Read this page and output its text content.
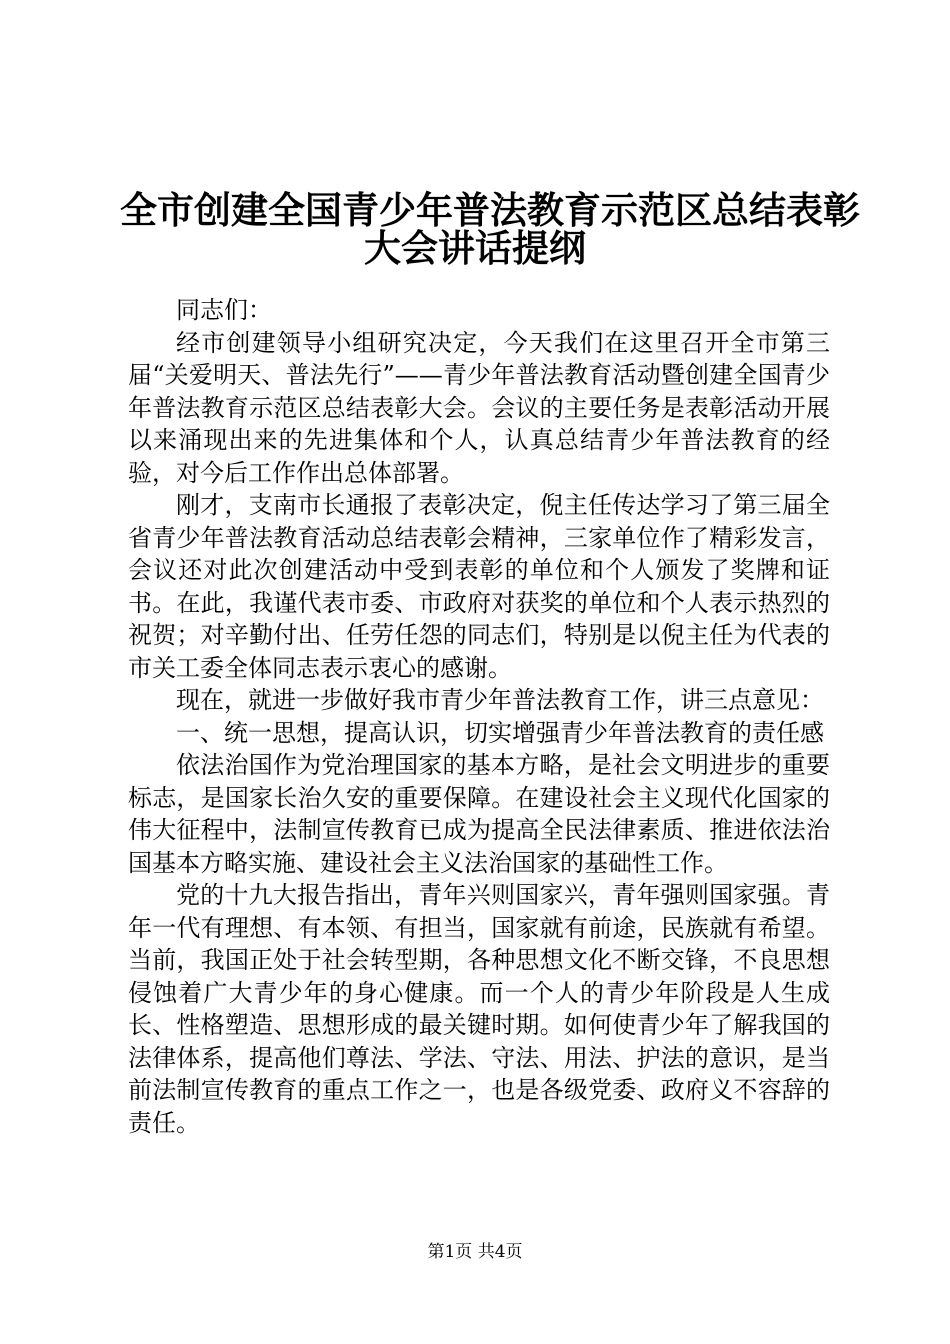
全市创建全国青少年普法教育示范区总结表彰
大会讲话提纲

同志们：

经市创建领导小组研究决定，今天我们在这里召开全市第三届“关爱明天、普法先行”——青少年普法教育活动暨创建全国青少年普法教育示范区总结表彰大会。会议的主要任务是表彰活动开展以来涌现出来的先进集体和个人，认真总结青少年普法教育的经验，对今后工作作出总体部署。

刚才，支南市长通报了表彰决定，倪主任传达学习了第三届全省青少年普法教育活动总结表彰会精神，三家单位作了精彩发言，会议还对此次创建活动中受到表彰的单位和个人颁发了奖牌和证书。在此，我谨代表市委、市政府对获奖的单位和个人表示热烈的祝贺；对辛勤付出、任劳任怨的同志们，特别是以倪主任为代表的市关工委全体同志表示衷心的感谢。

现在，就进一步做好我市青少年普法教育工作，讲三点意见：

一、统一思想，提高认识，切实增强青少年普法教育的责任感

依法治国作为党治理国家的基本方略，是社会文明进步的重要标志，是国家长治久安的重要保障。在建设社会主义现代化国家的伟大征程中，法制宣传教育已成为提高全民法律素质、推进依法治国基本方略实施、建设社会主义法治国家的基础性工作。

党的十九大报告指出，青年兴则国家兴，青年强则国家强。青年一代有理想、有本领、有担当，国家就有前途，民族就有希望。当前，我国正处于社会转型期，各种思想文化不断交锋，不良思想侵蚀着广大青少年的身心健康。而一个人的青少年阶段是人生成长、性格塑造、思想形成的最关键时期。如何使青少年了解我国的法律体系，提高他们尊法、学法、守法、用法、护法的意识，是当前法制宣传教育的重点工作之一，也是各级党委、政府义不容辞的责任。

第1页 共4页
